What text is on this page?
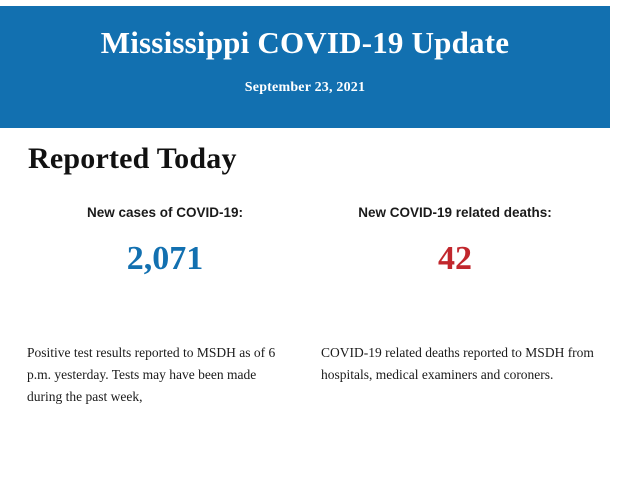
Mississippi COVID-19 Update
September 23, 2021
Reported Today
New cases of COVID-19:
2,071
New COVID-19 related deaths:
42
Positive test results reported to MSDH as of 6 p.m. yesterday. Tests may have been made during the past week,
COVID-19 related deaths reported to MSDH from hospitals, medical examiners and coroners.
